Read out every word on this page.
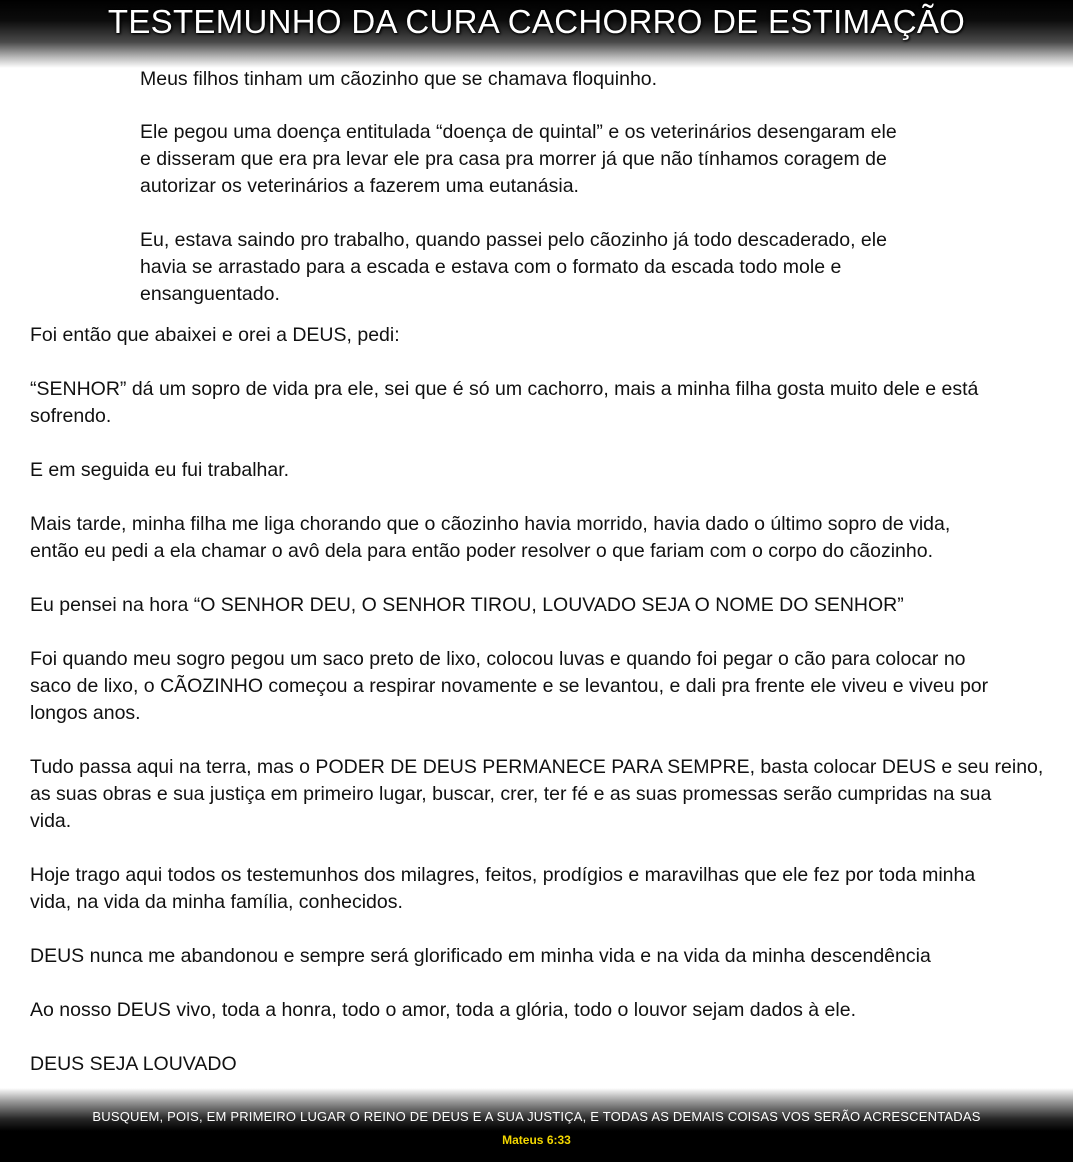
TESTEMUNHO DA CURA CACHORRO DE ESTIMAÇÃO

Meus filhos tinham um cãozinho que se chamava floquinho.

Ele pegou uma doença entitulada “doença de quintal” e os veterinários desengaram ele
e disseram que era pra levar ele pra casa pra morrer já que não tínhamos coragem de
autorizar os veterinários a fazerem uma eutanásia.

Eu, estava saindo pro trabalho, quando passei pelo cãozinho já todo descaderado, ele
havia se arrastado para a escada e estava com o formato da escada todo mole e
ensanguentado.

Foi então que abaixei e orei a DEUS, pedi:

“SENHOR” dá um sopro de vida pra ele, sei que é só um cachorro, mais a minha filha gosta muito dele e está
sofrendo.

E em seguida eu fui trabalhar.

Mais tarde, minha filha me liga chorando que o cãozinho havia morrido, havia dado o último sopro de vida,
então eu pedi a ela chamar o avô dela para então poder resolver o que fariam com o corpo do cãozinho.

Eu pensei na hora “O SENHOR DEU, O SENHOR TIROU, LOUVADO SEJA O NOME DO SENHOR”

Foi quando meu sogro pegou um saco preto de lixo, colocou luvas e quando foi pegar o cão para colocar no
saco de lixo, o CÃOZINHO começou a respirar novamente e se levantou, e dali pra frente ele viveu e viveu por
longos anos.

Tudo passa aqui na terra, mas o PODER DE DEUS PERMANECE PARA SEMPRE, basta colocar DEUS e seu reino,
as suas obras e sua justiça em primeiro lugar, buscar, crer, ter fé e as suas promessas serão cumpridas na sua
vida.

Hoje trago aqui todos os testemunhos dos milagres, feitos, prodígios e maravilhas que ele fez por toda minha
vida, na vida da minha família, conhecidos.

DEUS nunca me abandonou e sempre será glorificado em minha vida e na vida da minha descendência

Ao nosso DEUS vivo, toda a honra, todo o amor, toda a glória, todo o louvor sejam dados à ele.

DEUS SEJA LOUVADO

BUSQUEM, POIS, EM PRIMEIRO LUGAR O REINO DE DEUS E A SUA JUSTIÇA, E TODAS AS DEMAIS COISAS VOS SERÃO ACRESCENTADAS
Mateus 6:33
